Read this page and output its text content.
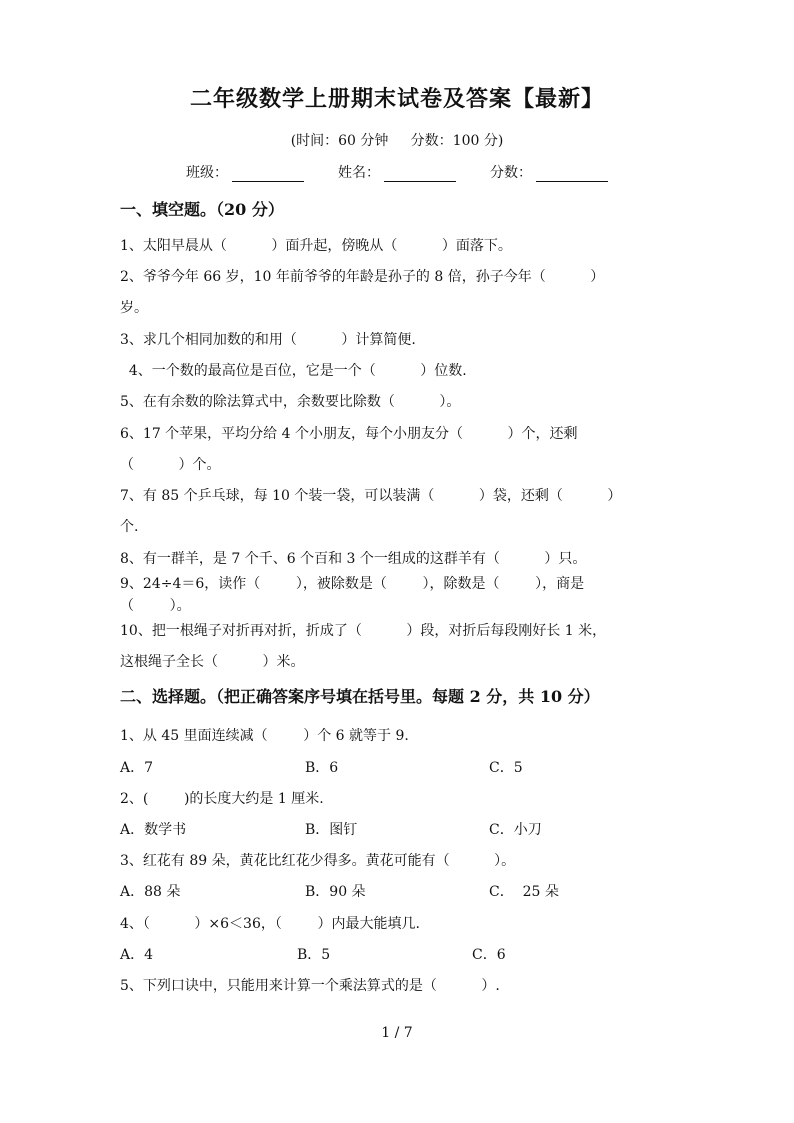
二年级数学上册期末试卷及答案【最新】
(时间：60 分钟     分数：100 分)
班级：	姓名：	分数：
一、填空题。（20 分）
1、太阳早晨从（          ）面升起，傍晚从（          ）面落下。
2、爷爷今年 66 岁，10 年前爷爷的年龄是孙子的 8 倍，孙子今年（          ）
岁。
3、求几个相同加数的和用（          ）计算简便.
4、一个数的最高位是百位，它是一个（          ）位数.
5、在有余数的除法算式中，余数要比除数（          ）。
6、17 个苹果，平均分给 4 个小朋友，每个小朋友分（          ）个，还剩
（          ）个。
7、有 85 个乒乓球，每 10 个装一袋，可以装满（          ）袋，还剩（          ）
个.
8、有一群羊，是 7 个千、6 个百和 3 个一组成的这群羊有（          ）只。
9、24÷4＝6，读作（        ），被除数是（        ），除数是（        ），商是
（        ）。
10、把一根绳子对折再对折，折成了（          ）段，对折后每段刚好长 1 米，
这根绳子全长（          ）米。
二、选择题。（把正确答案序号填在括号里。每题 2 分，共 10 分）
1、从 45 里面连续减（        ）个 6 就等于 9.
A．7	B．6	C．5
2、(        )的长度大约是 1 厘米.
A．数学书	B．图钉	C．小刀
3、红花有 89 朵，黄花比红花少得多。黄花可能有（          ）。
A．88 朵	B．90 朵	C．  25 朵
4、（          ）×6＜36，（        ）内最大能填几.
A．4	B．5	C．6
5、下列口诀中，只能用来计算一个乘法算式的是（          ）.
1 / 7
